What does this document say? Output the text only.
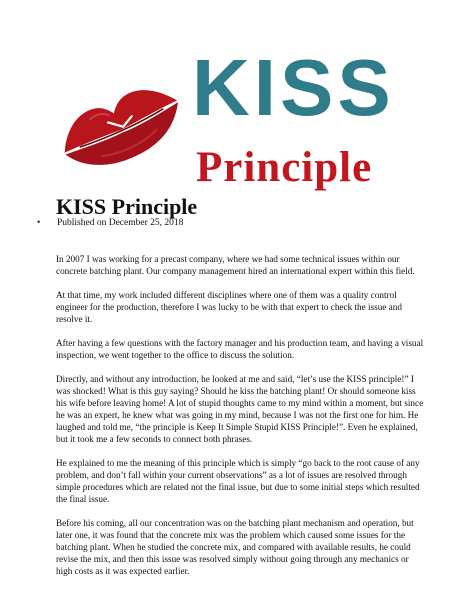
KISS
Principle
KISS Principle
• Published on December 25, 2018

In 2007 I was working for a precast company, where we had some technical issues within our concrete batching plant. Our company management hired an international expert within this field.

At that time, my work included different disciplines where one of them was a quality control engineer for the production, therefore I was lucky to be with that expert to check the issue and resolve it.

After having a few questions with the factory manager and his production team, and having a visual inspection, we went together to the office to discuss the solution.

Directly, and without any introduction, he looked at me and said, “let’s use the KISS principle!” I was shocked! What is this guy saying? Should he kiss the batching plant! Or should someone kiss his wife before leaving home! A lot of stupid thoughts came to my mind within a moment, but since he was an expert, he knew what was going in my mind, because I was not the first one for him. He laughed and told me, “the principle is Keep It Simple Stupid KISS Principle!”. Even he explained, but it took me a few seconds to connect both phrases.

He explained to me the meaning of this principle which is simply “go back to the root cause of any problem, and don’t fall within your current observations” as a lot of issues are resolved through simple procedures which are related not the final issue, but due to some initial steps which resulted the final issue.

Before his coming, all our concentration was on the batching plant mechanism and operation, but later one, it was found that the concrete mix was the problem which caused some issues for the batching plant. When he studied the concrete mix, and compared with available results, he could revise the mix, and then this issue was resolved simply without going through any mechanics or high costs as it was expected earlier.
